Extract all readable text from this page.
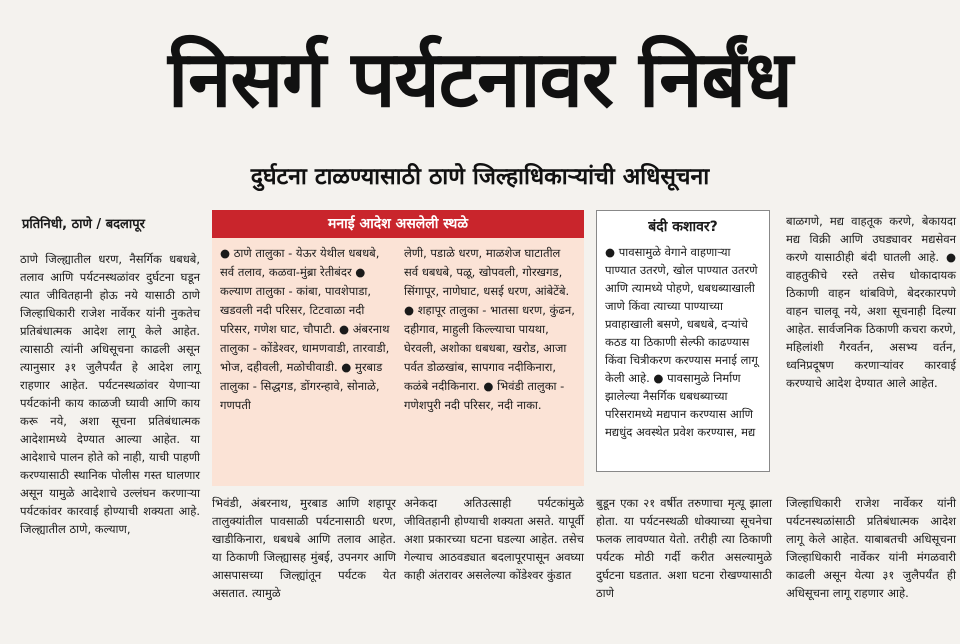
निसर्ग पर्यटनावर निर्बंध
दुर्घटना टाळण्यासाठी ठाणे जिल्हाधिकाऱ्यांची अधिसूचना
प्रतिनिधी, ठाणे / बदलापूर

ठाणे जिल्ह्यातील धरण, नैसर्गिक धबधबे, तलाव आणि पर्यटनस्थळांवर दुर्घटना घडून त्यात जीवितहानी होऊ नये यासाठी ठाणे जिल्हाधिकारी राजेश नार्वेकर यांनी नुकतेच प्रतिबंधात्मक आदेश लागू केले आहेत. त्यासाठी त्यांनी अधिसूचना काढली असून त्यानुसार ३१ जुलैपर्यंत हे आदेश लागू राहणार आहेत. पर्यटनस्थळांवर येणाऱ्या पर्यटकांनी काय काळजी घ्यावी आणि काय करू नये, अशा सूचना प्रतिबंधात्मक आदेशामध्ये देण्यात आल्या आहेत. या आदेशाचे पालन होते को नाही, याची पाहणी करण्यासाठी स्थानिक पोलीस गस्त घालणार असून यामुळे आदेशाचे उल्लंघन करणाऱ्या पर्यटकांवर कारवाई होण्याची शक्यता आहे. जिल्ह्यातील ठाणे, कल्याण,

मनाई आदेश असलेली स्थळे
● ठाणे तालुका - येऊर येथील धबधबे, सर्व तलाव, कळवा-मुंब्रा रेतीबंदर ● कल्याण तालुका - कांबा, पावशेपाडा, खडवली नदी परिसर, टिटवाळा नदी परिसर, गणेश घाट, चौपाटी. ● अंबरनाथ तालुका - कोंडेश्वर, धामणवाडी, तारवाडी, भोज, दहीवली, मळोचीवाडी. ● मुरबाड तालुका - सिद्धगड, डोंगरन्हावे, सोनाळे, गणपती
लेणी, पडाळे धरण, माळशेज घाटातील सर्व धबधबे, पळू, खोपवली, गोरखगड, सिंगापूर, नाणेघाट, धसई धरण, आंबेटेंबे. ● शहापूर तालुका - भातसा धरण, कुंढन, दहीगाव, माहुली किल्ल्याचा पायथा, घेरवली, अशोका धबधबा, खरोड, आजा पर्वत डोळखांब, सापगाव नदीकिनारा, कळंबे नदीकिनारा. ● भिवंडी तालुका - गणेशपुरी नदी परिसर, नदी नाका.
बंदी कशावर?
● पावसामुळे वेगाने वाहणाऱ्या पाण्यात उतरणे, खोल पाण्यात उतरणे आणि त्यामध्ये पोहणे, धबधब्याखाली जाणे किंवा त्याच्या पाण्याच्या प्रवाहाखाली बसणे, धबधबे, दऱ्यांचे कठड या ठिकाणी सेल्फी काढण्यास किंवा चित्रीकरण करण्यास मनाई लागू केली आहे. ● पावसामुळे निर्माण झालेल्या नैसर्गिक धबधब्याच्या परिसरामध्ये मद्यपान करण्यास आणि मद्यधुंद अवस्थेत प्रवेश करण्यास, मद्य

बाळगणे, मद्य वाहतूक करणे, बेकायदा मद्य विक्री आणि उघड्यावर मद्यसेवन करणे यासाठीही बंदी घातली आहे. ● वाहतुकीचे रस्ते तसेच धोकादायक ठिकाणी वाहन थांबविणे, बेदरकारपणे वाहन चालवू नये, अशा सूचनाही दिल्या आहेत. सार्वजनिक ठिकाणी कचरा करणे, महिलांशी गैरवर्तन, असभ्य वर्तन, ध्वनिप्रदूषण करणाऱ्यांवर कारवाई करण्याचे आदेश देण्यात आले आहेत.

भिवंडी, अंबरनाथ, मुरबाड आणि शहापूर तालुक्यांतील पावसाळी पर्यटनासाठी धरण, खाडीकिनारा, धबधबे आणि तलाव आहेत. या ठिकाणी जिल्ह्यासह मुंबई, उपनगर आणि आसपासच्या जिल्ह्यांतून पर्यटक येत असतात. त्यामुळे

अनेकदा अतिउत्साही पर्यटकांमुळे जीवितहानी होण्याची शक्यता असते. यापूर्वी अशा प्रकारच्या घटना घडल्या आहेत. तसेच गेल्याच आठवड्यात बदलापूरपासून अवघ्या काही अंतरावर असलेल्या कोंडेश्वर कुंडात

बुडून एका २१ वर्षीत तरुणाचा मृत्यू झाला होता. या पर्यटनस्थळी धोक्याच्या सूचनेचा फलक लावण्यात येतो. तरीही त्या ठिकाणी पर्यटक मोठी गर्दी करीत असल्यामुळे दुर्घटना घडतात. अशा घटना रोखण्यासाठी ठाणे

जिल्हाधिकारी राजेश नार्वेकर यांनी पर्यटनस्थळांसाठी प्रतिबंधात्मक आदेश लागू केले आहेत. याबाबतची अधिसूचना जिल्हाधिकारी नार्वेकर यांनी मंगळवारी काढली असून येत्या ३१ जुलैपर्यंत ही अधिसूचना लागू राहणार आहे.
